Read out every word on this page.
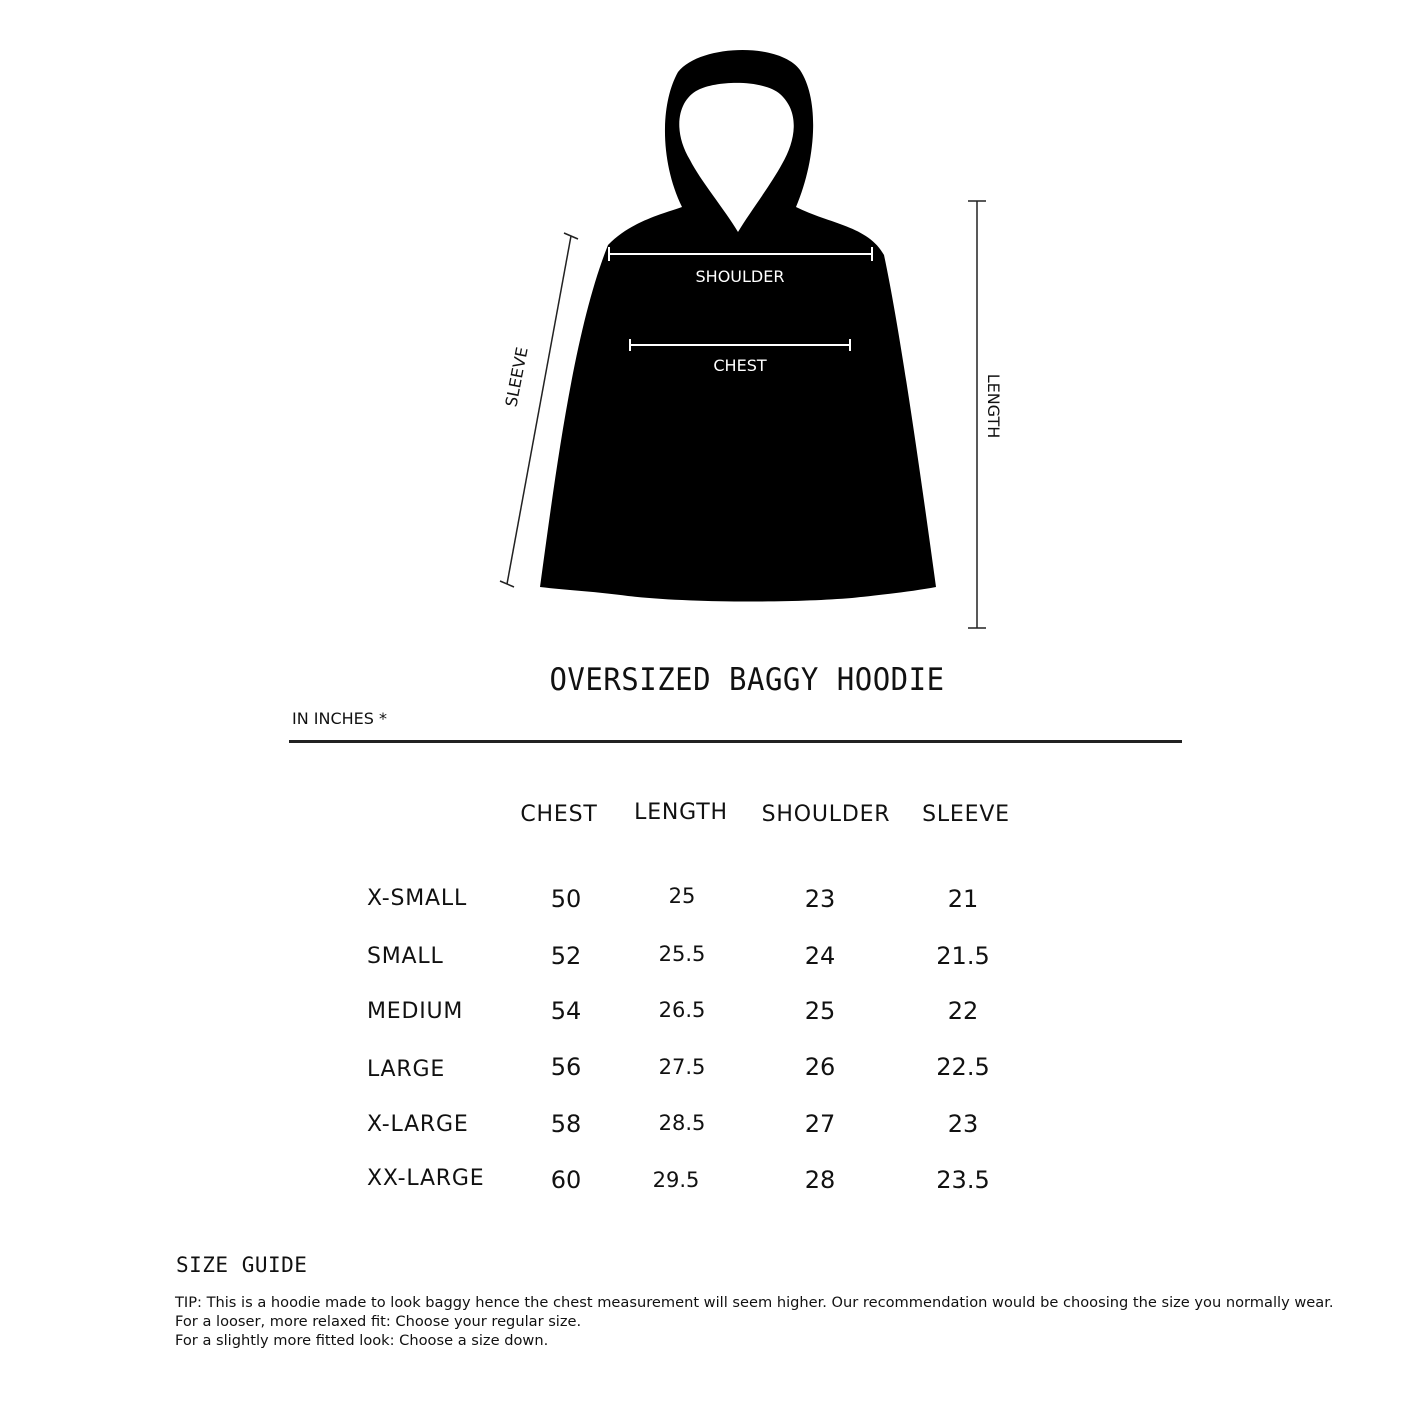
SHOULDER
CHEST
SLEEVE	LENGTH
OVERSIZED BAGGY HOODIE
IN INCHES *
CHEST	LENGTH	SHOULDER	SLEEVE
X-SMALL	50	25	23	21
SMALL	52	25.5	24	21.5
MEDIUM	54	26.5	25	22
LARGE	56	27.5	26	22.5
X-LARGE	58	28.5	27	23
XX-LARGE	60	29.5	28	23.5
SIZE GUIDE
TIP: This is a hoodie made to look baggy hence the chest measurement will seem higher. Our recommendation would be choosing the size you normally wear.
For a looser, more relaxed fit: Choose your regular size.
For a slightly more fitted look: Choose a size down.
